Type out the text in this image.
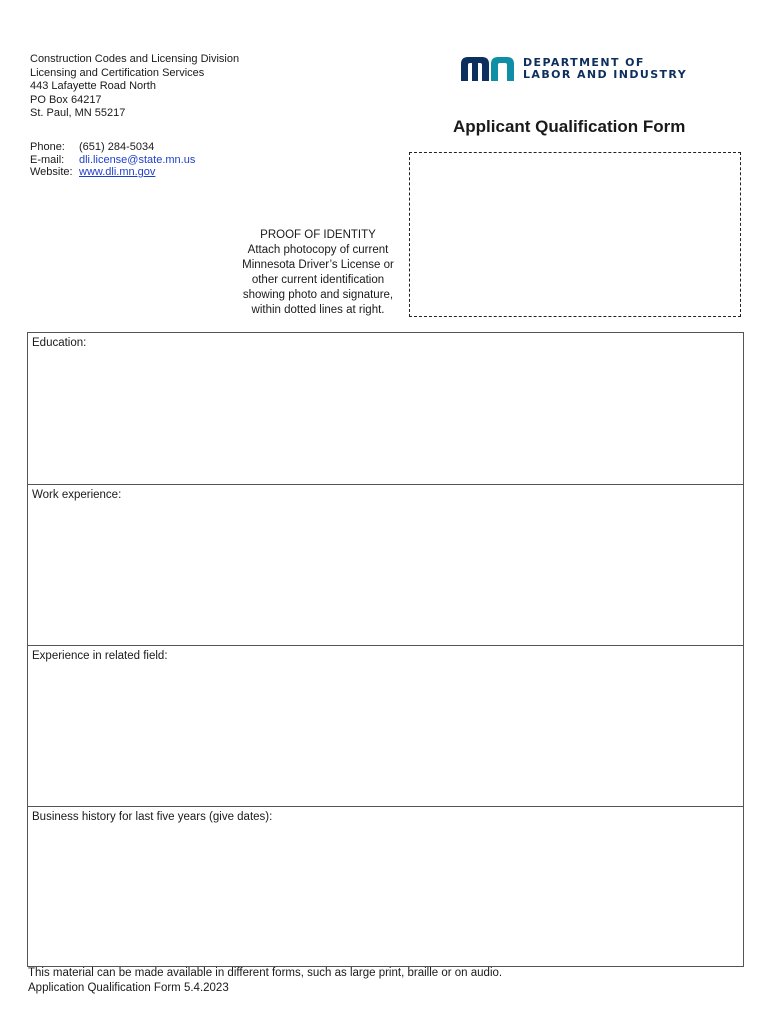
Construction Codes and Licensing Division
Licensing and Certification Services
443 Lafayette Road North
PO Box 64217
St. Paul, MN 55217
Phone:	(651) 284-5034
E-mail:	dli.license@state.mn.us
Website: www.dli.mn.gov
DEPARTMENT OF
LABOR AND INDUSTRY
Applicant Qualification Form
PROOF OF IDENTITY
Attach photocopy of current
Minnesota Driver’s License or
other current identification
showing photo and signature,
within dotted lines at right.
Education:
Work experience:
Experience in related field:
Business history for last five years (give dates):
This material can be made available in different forms, such as large print, braille or on audio.
Application Qualification Form 5.4.2023
